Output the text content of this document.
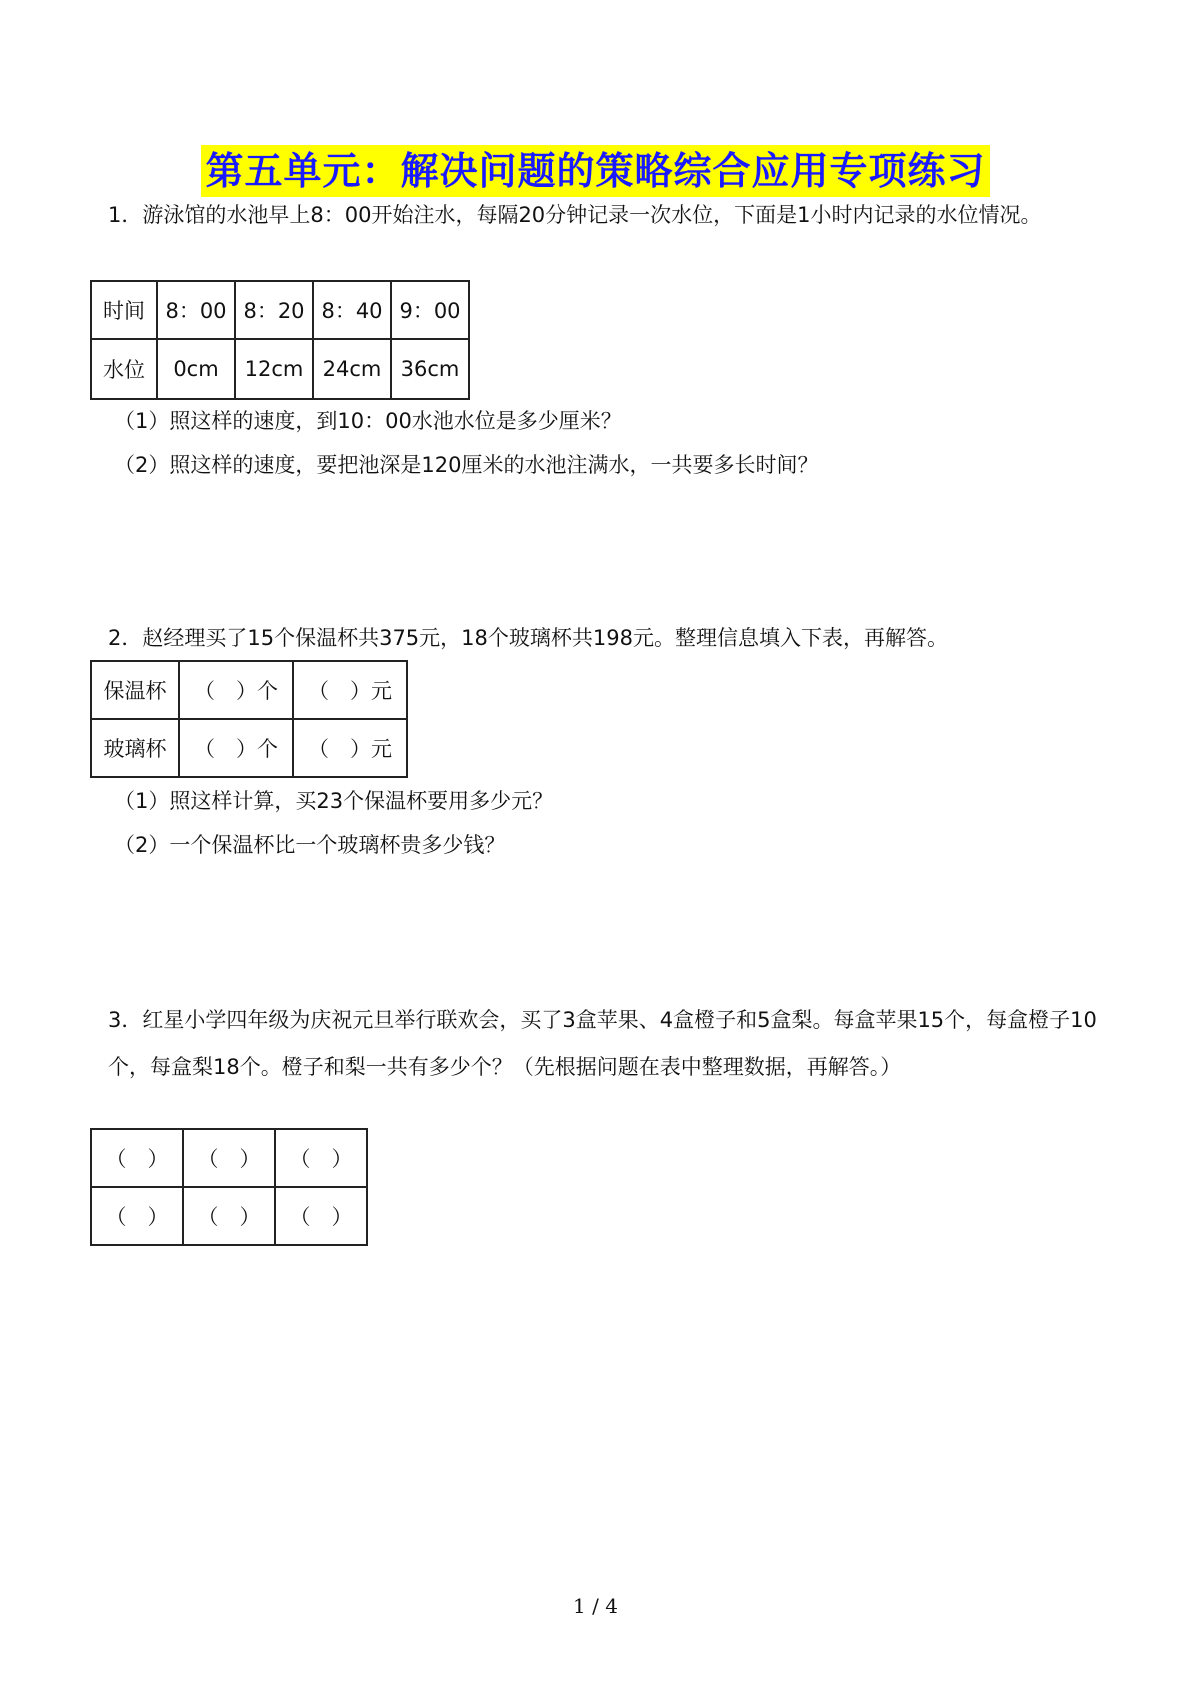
第五单元：解决问题的策略综合应用专项练习
1．游泳馆的水池早上8：00开始注水，每隔20分钟记录一次水位，下面是1小时内记录的水位情况。
时间	8：00	8：20	8：40	9：00
水位	0cm	12cm	24cm	36cm
（1）照这样的速度，到10：00水池水位是多少厘米？
（2）照这样的速度，要把池深是120厘米的水池注满水，一共要多长时间？
2．赵经理买了15个保温杯共375元，18个玻璃杯共198元。整理信息填入下表，再解答。
保温杯	（　）个	（　）元
玻璃杯	（　）个	（　）元
（1）照这样计算，买23个保温杯要用多少元？
（2）一个保温杯比一个玻璃杯贵多少钱？
3．红星小学四年级为庆祝元旦举行联欢会，买了3盒苹果、4盒橙子和5盒梨。每盒苹果15个，每盒橙子10个，每盒梨18个。橙子和梨一共有多少个？（先根据问题在表中整理数据，再解答。）
（　）	（　）	（　）
（　）	（　）	（　）
1 / 4
